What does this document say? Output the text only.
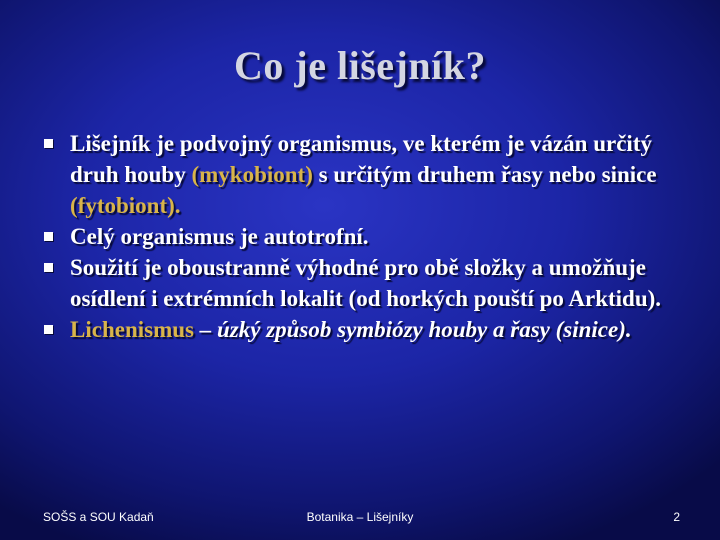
Co je lišejník?
Lišejník je podvojný organismus, ve kterém je vázán určitý druh houby (mykobiont) s určitým druhem řasy nebo sinice (fytobiont).
Celý organismus je autotrofní.
Soužití je oboustranně výhodné pro obě složky a umožňuje osídlení i extrémních lokalit (od horkých pouští po Arktidu).
Lichenismus – úzký způsob symbiózy houby a řasy (sinice).
SOŠS a SOU Kadaň	Botanika – Lišejníky	2
